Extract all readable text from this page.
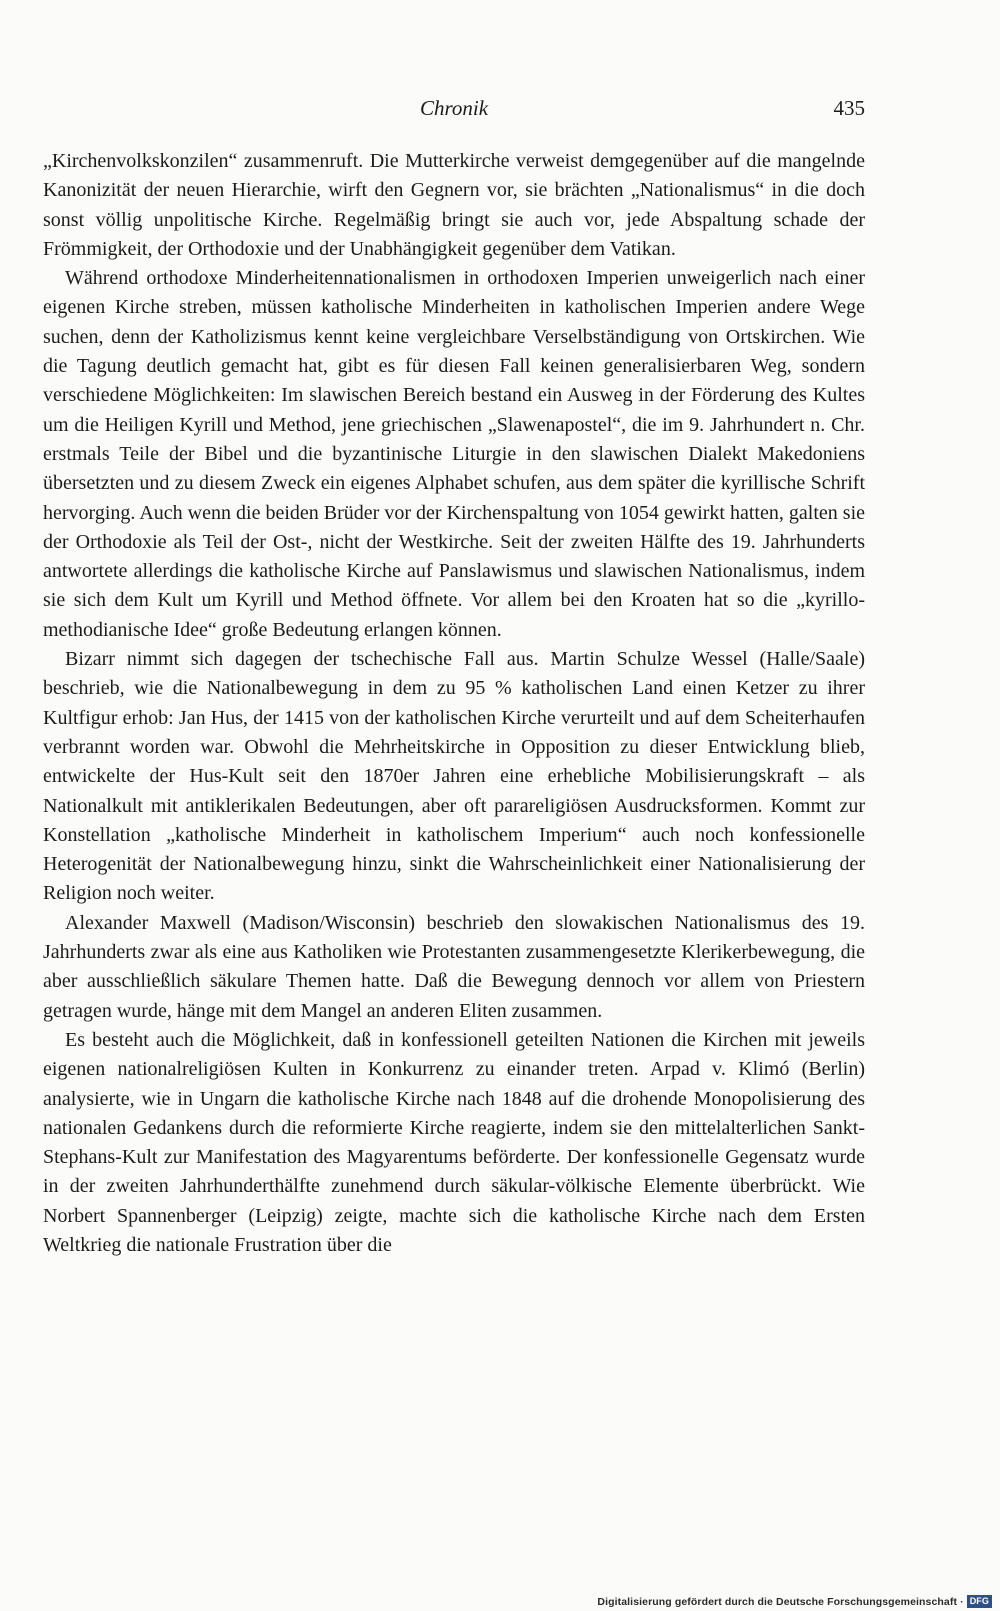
Chronik	435

„Kirchenvolkskonzilen“ zusammenruft. Die Mutterkirche verweist demgegenüber auf die mangelnde Kanonizität der neuen Hierarchie, wirft den Gegnern vor, sie brächten „Nationalismus“ in die doch sonst völlig unpolitische Kirche. Regelmäßig bringt sie auch vor, jede Abspaltung schade der Frömmigkeit, der Orthodoxie und der Unabhängigkeit gegenüber dem Vatikan.

Während orthodoxe Minderheitennationalismen in orthodoxen Imperien unweigerlich nach einer eigenen Kirche streben, müssen katholische Minderheiten in katholischen Imperien andere Wege suchen, denn der Katholizismus kennt keine vergleichbare Verselbständigung von Ortskirchen. Wie die Tagung deutlich gemacht hat, gibt es für diesen Fall keinen generalisierbaren Weg, sondern verschiedene Möglichkeiten: Im slawischen Bereich bestand ein Ausweg in der Förderung des Kultes um die Heiligen Kyrill und Method, jene griechischen „Slawenapostel“, die im 9. Jahrhundert n. Chr. erstmals Teile der Bibel und die byzantinische Liturgie in den slawischen Dialekt Makedoniens übersetzten und zu diesem Zweck ein eigenes Alphabet schufen, aus dem später die kyrillische Schrift hervorging. Auch wenn die beiden Brüder vor der Kirchenspaltung von 1054 gewirkt hatten, galten sie der Orthodoxie als Teil der Ost-, nicht der Westkirche. Seit der zweiten Hälfte des 19. Jahrhunderts antwortete allerdings die katholische Kirche auf Panslawismus und slawischen Nationalismus, indem sie sich dem Kult um Kyrill und Method öffnete. Vor allem bei den Kroaten hat so die „kyrillo-methodianische Idee“ große Bedeutung erlangen können.

Bizarr nimmt sich dagegen der tschechische Fall aus. Martin Schulze Wessel (Halle/Saale) beschrieb, wie die Nationalbewegung in dem zu 95 % katholischen Land einen Ketzer zu ihrer Kultfigur erhob: Jan Hus, der 1415 von der katholischen Kirche verurteilt und auf dem Scheiterhaufen verbrannt worden war. Obwohl die Mehrheitskirche in Opposition zu dieser Entwicklung blieb, entwickelte der Hus-Kult seit den 1870er Jahren eine erhebliche Mobilisierungskraft – als Nationalkult mit antiklerikalen Bedeutungen, aber oft parareligiösen Ausdrucksformen. Kommt zur Konstellation „katholische Minderheit in katholischem Imperium“ auch noch konfessionelle Heterogenität der Nationalbewegung hinzu, sinkt die Wahrscheinlichkeit einer Nationalisierung der Religion noch weiter.

Alexander Maxwell (Madison/Wisconsin) beschrieb den slowakischen Nationalismus des 19. Jahrhunderts zwar als eine aus Katholiken wie Protestanten zusammengesetzte Klerikerbewegung, die aber ausschließlich säkulare Themen hatte. Daß die Bewegung dennoch vor allem von Priestern getragen wurde, hänge mit dem Mangel an anderen Eliten zusammen.

Es besteht auch die Möglichkeit, daß in konfessionell geteilten Nationen die Kirchen mit jeweils eigenen nationalreligiösen Kulten in Konkurrenz zu einander treten. Arpad v. Klimó (Berlin) analysierte, wie in Ungarn die katholische Kirche nach 1848 auf die drohende Monopolisierung des nationalen Gedankens durch die reformierte Kirche reagierte, indem sie den mittelalterlichen Sankt-Stephans-Kult zur Manifestation des Magyarentums beförderte. Der konfessionelle Gegensatz wurde in der zweiten Jahrhunderthälfte zunehmend durch säkular-völkische Elemente überbrückt. Wie Norbert Spannenberger (Leipzig) zeigte, machte sich die katholische Kirche nach dem Ersten Weltkrieg die nationale Frustration über die

Digitalisierung gefördert durch die Deutsche Forschungsgemeinschaft · DFG
